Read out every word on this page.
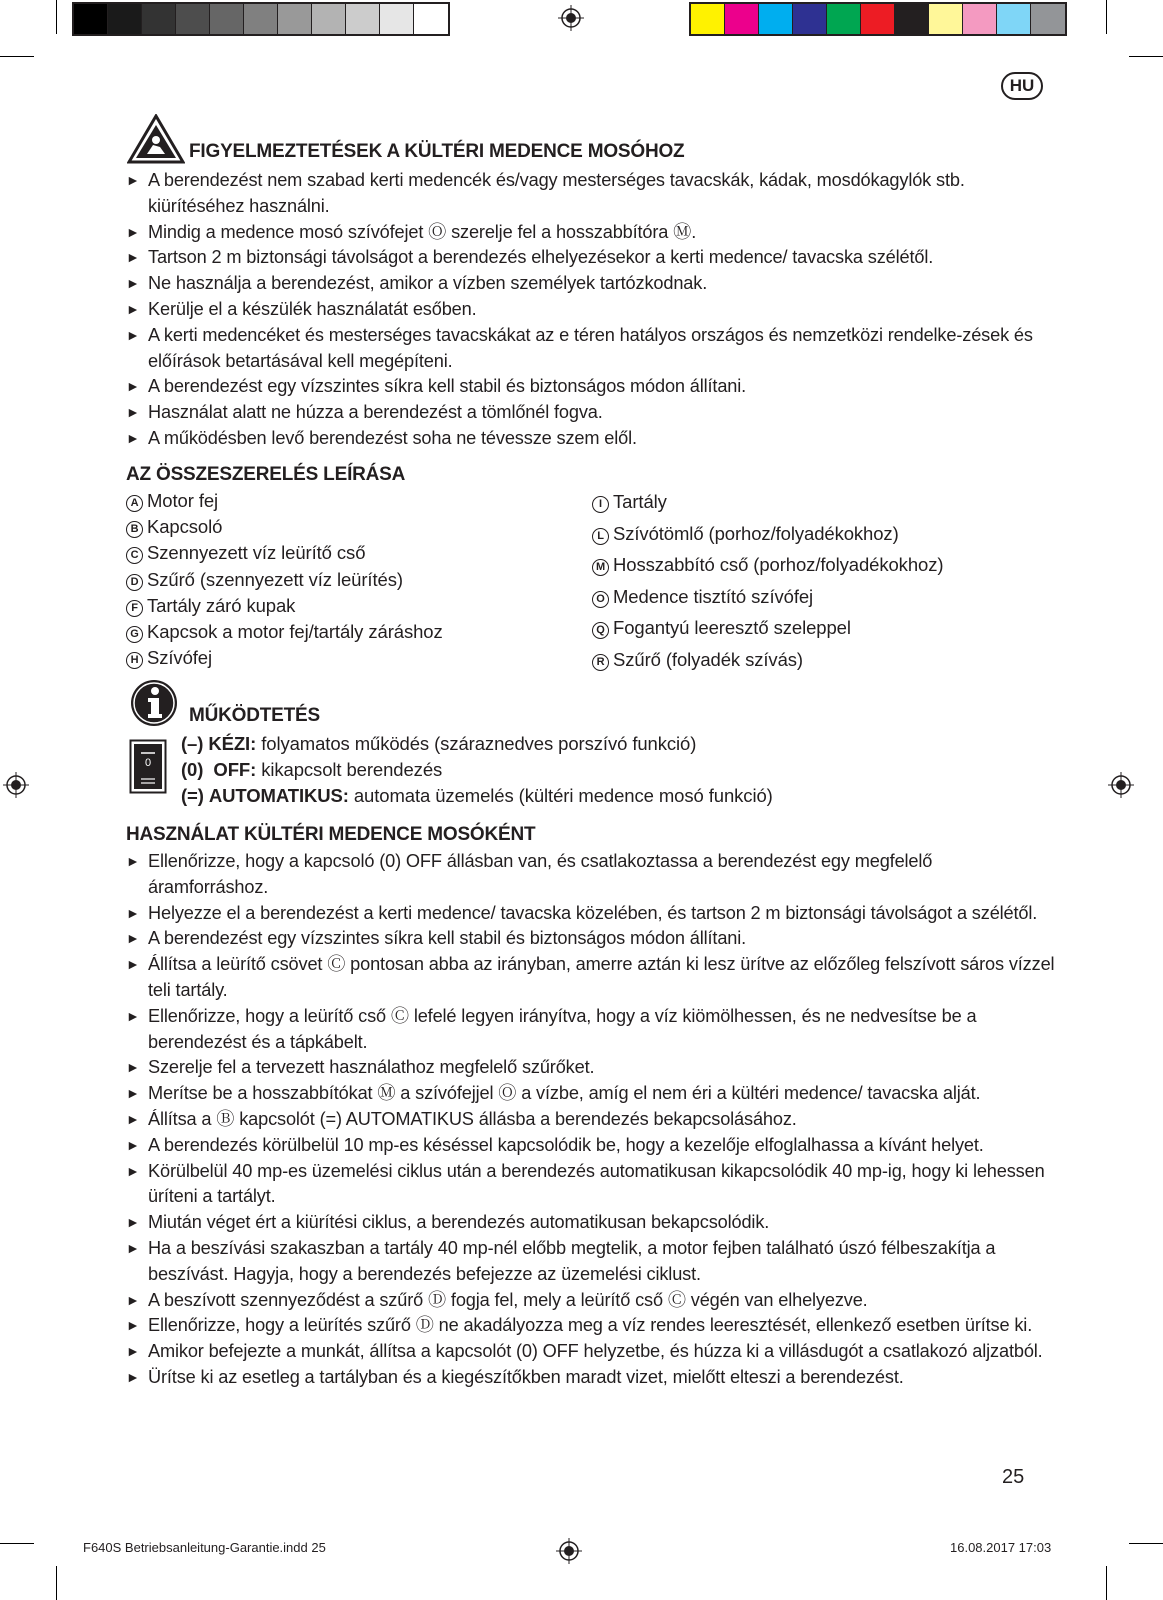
HU
FIGYELMEZTETÉSEK A KÜLTÉRI MEDENCE MOSÓHOZ
► A berendezést nem szabad kerti medencék és/vagy mesterséges tavacskák, kádak, mosdókagylók stb. kiürítéséhez használni.
► Mindig a medence mosó szívófejet Ⓞ szerelje fel a hosszabbítóra Ⓜ.
► Tartson 2 m biztonsági távolságot a berendezés elhelyezésekor a kerti medence/ tavacska szélétől.
► Ne használja a berendezést, amikor a vízben személyek tartózkodnak.
► Kerülje el a készülék használatát esőben.
► A kerti medencéket és mesterséges tavacskákat az e téren hatályos országos és nemzetközi rendelke-zések és előírások betartásával kell megépíteni.
► A berendezést egy vízszintes síkra kell stabil és biztonságos módon állítani.
► Használat alatt ne húzza a berendezést a tömlőnél fogva.
► A működésben levő berendezést soha ne tévessze szem elől.
AZ ÖSSZESZERELÉS LEÍRÁSA
A Motor fej
B Kapcsoló
C Szennyezett víz leürítő cső
D Szűrő (szennyezett víz leürítés)
F Tartály záró kupak
G Kapcsok a motor fej/tartály záráshoz
H Szívófej
I Tartály
L Szívótömlő (porhoz/folyadékokhoz)
M Hosszabbító cső (porhoz/folyadékokhoz)
O Medence tisztító szívófej
Q Fogantyú leeresztő szeleppel
R Szűrő (folyadék szívás)
MŰKÖDTETÉS
0
(–) KÉZI: folyamatos működés (száraznedves porszívó funkció)
(0) OFF: kikapcsolt berendezés
(=) AUTOMATIKUS: automata üzemelés (kültéri medence mosó funkció)
HASZNÁLAT KÜLTÉRI MEDENCE MOSÓKÉNT
► Ellenőrizze, hogy a kapcsoló (0) OFF állásban van, és csatlakoztassa a berendezést egy megfelelő áramforráshoz.
► Helyezze el a berendezést a kerti medence/ tavacska közelében, és tartson 2 m biztonsági távolságot a szélétől.
► A berendezést egy vízszintes síkra kell stabil és biztonságos módon állítani.
► Állítsa a leürítő csövet Ⓒ pontosan abba az irányban, amerre aztán ki lesz ürítve az előzőleg felszívott sáros vízzel teli tartály.
► Ellenőrizze, hogy a leürítő cső Ⓒ lefelé legyen irányítva, hogy a víz kiömölhessen, és ne nedvesítse be a berendezést és a tápkábelt.
► Szerelje fel a tervezett használathoz megfelelő szűrőket.
► Merítse be a hosszabbítókat Ⓜ a szívófejjel Ⓞ a vízbe, amíg el nem éri a kültéri medence/ tavacska alját.
► Állítsa a Ⓑ kapcsolót (=) AUTOMATIKUS állásba a berendezés bekapcsolásához.
► A berendezés körülbelül 10 mp-es késéssel kapcsolódik be, hogy a kezelője elfoglalhassa a kívánt helyet.
► Körülbelül 40 mp-es üzemelési ciklus után a berendezés automatikusan kikapcsolódik 40 mp-ig, hogy ki lehessen üríteni a tartályt.
► Miután véget ért a kiürítési ciklus, a berendezés automatikusan bekapcsolódik.
► Ha a beszívási szakaszban a tartály 40 mp-nél előbb megtelik, a motor fejben található úszó félbeszakítja a beszívást. Hagyja, hogy a berendezés befejezze az üzemelési ciklust.
► A beszívott szennyeződést a szűrő Ⓓ fogja fel, mely a leürítő cső Ⓒ végén van elhelyezve.
► Ellenőrizze, hogy a leürítés szűrő Ⓓ ne akadályozza meg a víz rendes leeresztését, ellenkező esetben ürítse ki.
► Amikor befejezte a munkát, állítsa a kapcsolót (0) OFF helyzetbe, és húzza ki a villásdugót a csatlakozó aljzatból.
► Ürítse ki az esetleg a tartályban és a kiegészítőkben maradt vizet, mielőtt elteszi a berendezést.
25
F640S Betriebsanleitung-Garantie.indd 25	16.08.2017 17:03
